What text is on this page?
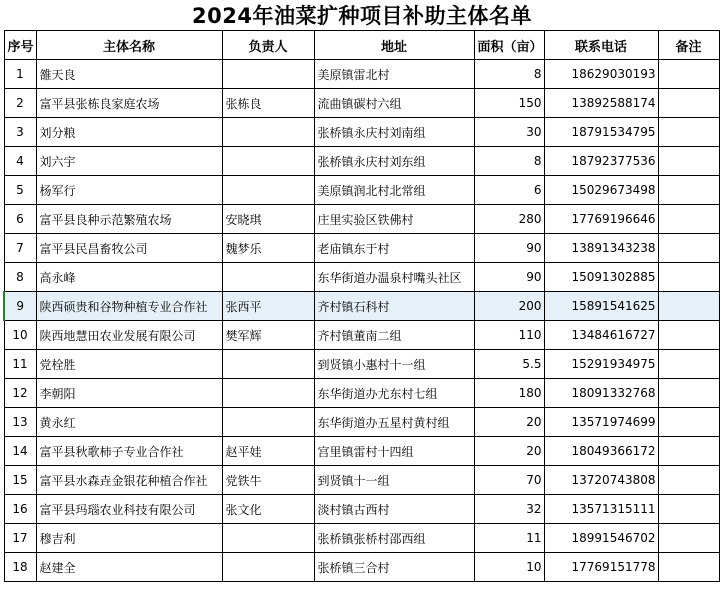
2024年油菜扩种项目补助主体名单
序号	主体名称	负责人	地址	面积（亩）	联系电话	备注
1	雒天良		美原镇雷北村	8	18629030193	
2	富平县张栋良家庭农场	张栋良	流曲镇碳村六组	150	13892588174	
3	刘分粮		张桥镇永庆村刘南组	30	18791534795	
4	刘六宇		张桥镇永庆村刘东组	8	18792377536	
5	杨军行		美原镇润北村北常组	6	15029673498	
6	富平县良种示范繁殖农场	安晓琪	庄里实验区铁佛村	280	17769196646	
7	富平县民昌畜牧公司	魏梦乐	老庙镇东于村	90	13891343238	
8	高永峰		东华街道办温泉村嘴头社区	90	15091302885	
9	陕西硕贵和谷物种植专业合作社	张西平	齐村镇石科村	200	15891541625	
10	陕西地慧田农业发展有限公司	樊军辉	齐村镇董南二组	110	13484616727	
11	党栓胜		到贤镇小惠村十一组	5.5	15291934975	
12	李朝阳		东华街道办尤东村七组	180	18091332768	
13	黄永红		东华街道办五星村黄村组	20	13571974699	
14	富平县秋歌柿子专业合作社	赵平娃	宫里镇雷村十四组	20	18049366172	
15	富平县水森垚金银花种植合作社	党铁牛	到贤镇十一组	70	13720743808	
16	富平县玛瑙农业科技有限公司	张文化	淡村镇古西村	32	13571315111	
17	穆吉利		张桥镇张桥村邵西组	11	18991546702	
18	赵建全		张桥镇三合村	10	17769151778	
